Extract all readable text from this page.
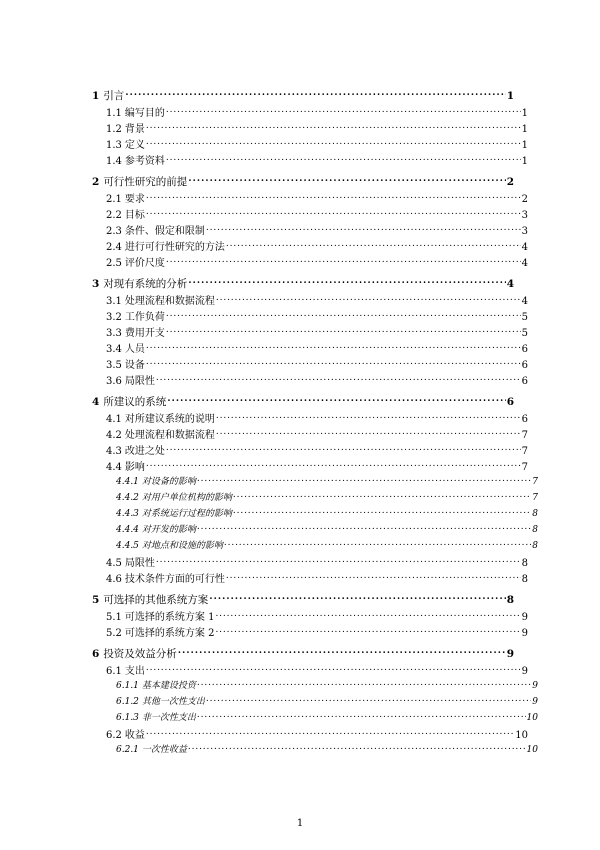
1 引言 . . .	1
1.1 编写目的 . . .	1
1.2 背景 . . .	1
1.3 定义 . . .	1
1.4 参考资料 . . .	1
2 可行性研究的前提 . . .	2
2.1 要求 . . .	2
2.2 目标 . . .	3
2.3 条件、假定和限制 . . .	3
2.4 进行可行性研究的方法 . . .	4
2.5 评价尺度 . . .	4
3 对现有系统的分析 . . .	4
3.1 处理流程和数据流程 . . .	4
3.2 工作负荷 . . .	5
3.3 费用开支 . . .	5
3.4 人员 . . .	6
3.5 设备 . . .	6
3.6 局限性 . . .	6
4 所建议的系统 . . .	6
4.1 对所建议系统的说明 . . .	6
4.2 处理流程和数据流程 . . .	7
4.3 改进之处 . . .	7
4.4 影响 . . .	7
4.4.1 对设备的影响 . . .	7
4.4.2 对用户单位机构的影响 . . .	7
4.4.3 对系统运行过程的影响 . . .	8
4.4.4 对开发的影响 . . .	8
4.4.5 对地点和设施的影响 . . .	8
4.5 局限性 . . .	8
4.6 技术条件方面的可行性 . . .	8
5 可选择的其他系统方案 . . .	8
5.1 可选择的系统方案 1 . . .	9
5.2 可选择的系统方案 2 . . .	9
6 投资及效益分析 . . .	9
6.1 支出 . . .	9
6.1.1 基本建设投资 . . .	9
6.1.2 其他一次性支出 . . .	9
6.1.3 非一次性支出 . . .	10
6.2 收益 . . .	10
6.2.1 一次性收益 . . .	10
1
